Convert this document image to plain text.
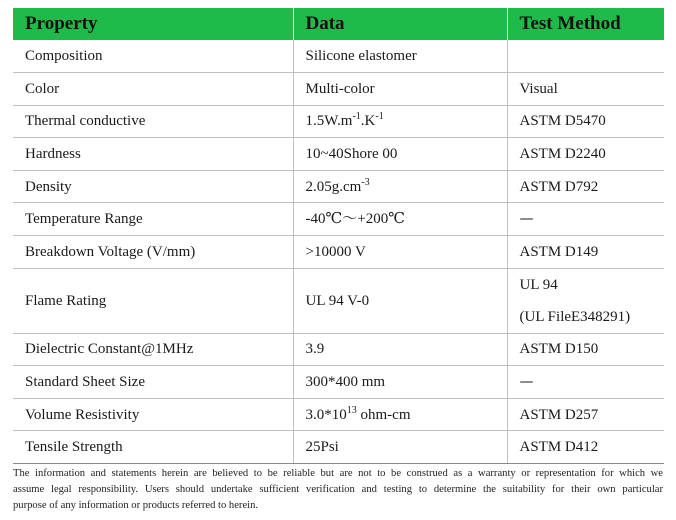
Property	Data	Test Method
Composition	Silicone elastomer	
Color	Multi-color	Visual
Thermal conductive	$1.5W.m^{-1}.K^{-1}$	ASTM D5470
Hardness	10~40Shore 00	ASTM D2240
Density	$2.05g.cm^{-3}$	ASTM D792
Temperature Range	-40℃～+200℃	—
Breakdown Voltage (V/mm)	>10000 V	ASTM D149
Flame Rating	UL 94 V-0	UL 94
(UL FileE348291)
Dielectric Constant@1MHz	3.9	ASTM D150
Standard Sheet Size	300*400 mm	—
Volume Resistivity	$3.0*10^{13}$ ohm-cm	ASTM D257
Tensile Strength	25Psi	ASTM D412
The information and statements herein are believed to be reliable but are not to be construed as a warranty or representation for which we
assume legal responsibility. Users should undertake sufficient verification and testing to determine the suitability for their own particular
purpose of any information or products referred to herein.
